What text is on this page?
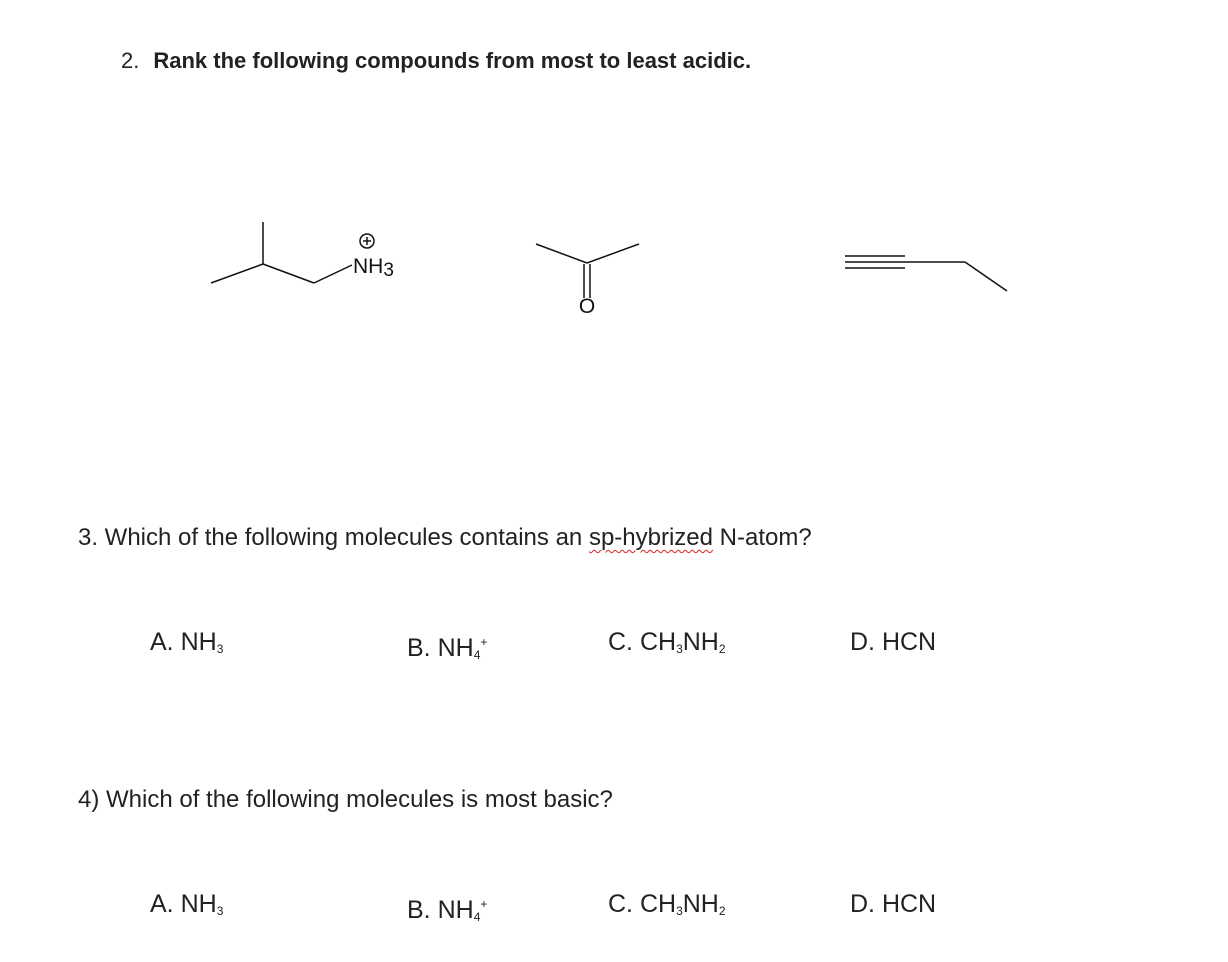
2. Rank the following compounds from most to least acidic.
NH3
O
3. Which of the following molecules contains an sp-hybrized N-atom?
A. $NH_3$	B. $NH_4^+$	C. $CH_3NH_2$	D. HCN
4) Which of the following molecules is most basic?
A. $NH_3$	B. $NH_4^+$	C. $CH_3NH_2$	D. HCN
